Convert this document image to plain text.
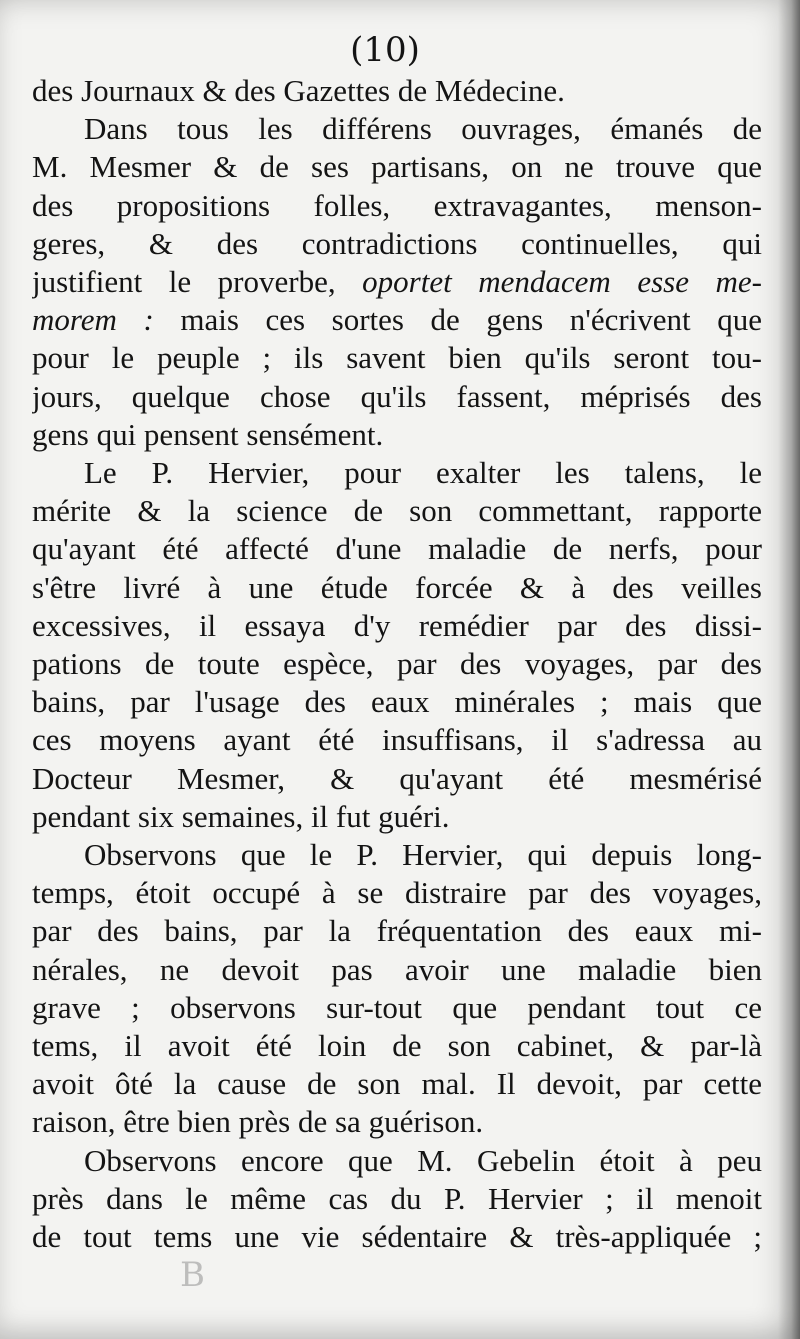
(10)
des Journaux & des Gazettes de Médecine.
Dans tous les différens ouvrages, émanés de
M. Mesmer & de ses partisans, on ne trouve que
des propositions folles, extravagantes, menson-
geres, & des contradictions continuelles, qui
justifient le proverbe, oportet mendacem esse me-
morem : mais ces sortes de gens n'écrivent que
pour le peuple ; ils savent bien qu'ils seront tou-
jours, quelque chose qu'ils fassent, méprisés des
gens qui pensent sensément.
Le P. Hervier, pour exalter les talens, le
mérite & la science de son commettant, rapporte
qu'ayant été affecté d'une maladie de nerfs, pour
s'être livré à une étude forcée & à des veilles
excessives, il essaya d'y remédier par des dissi-
pations de toute espèce, par des voyages, par des
bains, par l'usage des eaux minérales ; mais que
ces moyens ayant été insuffisans, il s'adressa au
Docteur Mesmer, & qu'ayant été mesmérisé
pendant six semaines, il fut guéri.
Observons que le P. Hervier, qui depuis long-
temps, étoit occupé à se distraire par des voyages,
par des bains, par la fréquentation des eaux mi-
nérales, ne devoit pas avoir une maladie bien
grave ; observons sur-tout que pendant tout ce
tems, il avoit été loin de son cabinet, & par-là
avoit ôté la cause de son mal. Il devoit, par cette
raison, être bien près de sa guérison.
Observons encore que M. Gebelin étoit à peu
près dans le même cas du P. Hervier ; il menoit
de tout tems une vie sédentaire & très-appliquée ;
B
